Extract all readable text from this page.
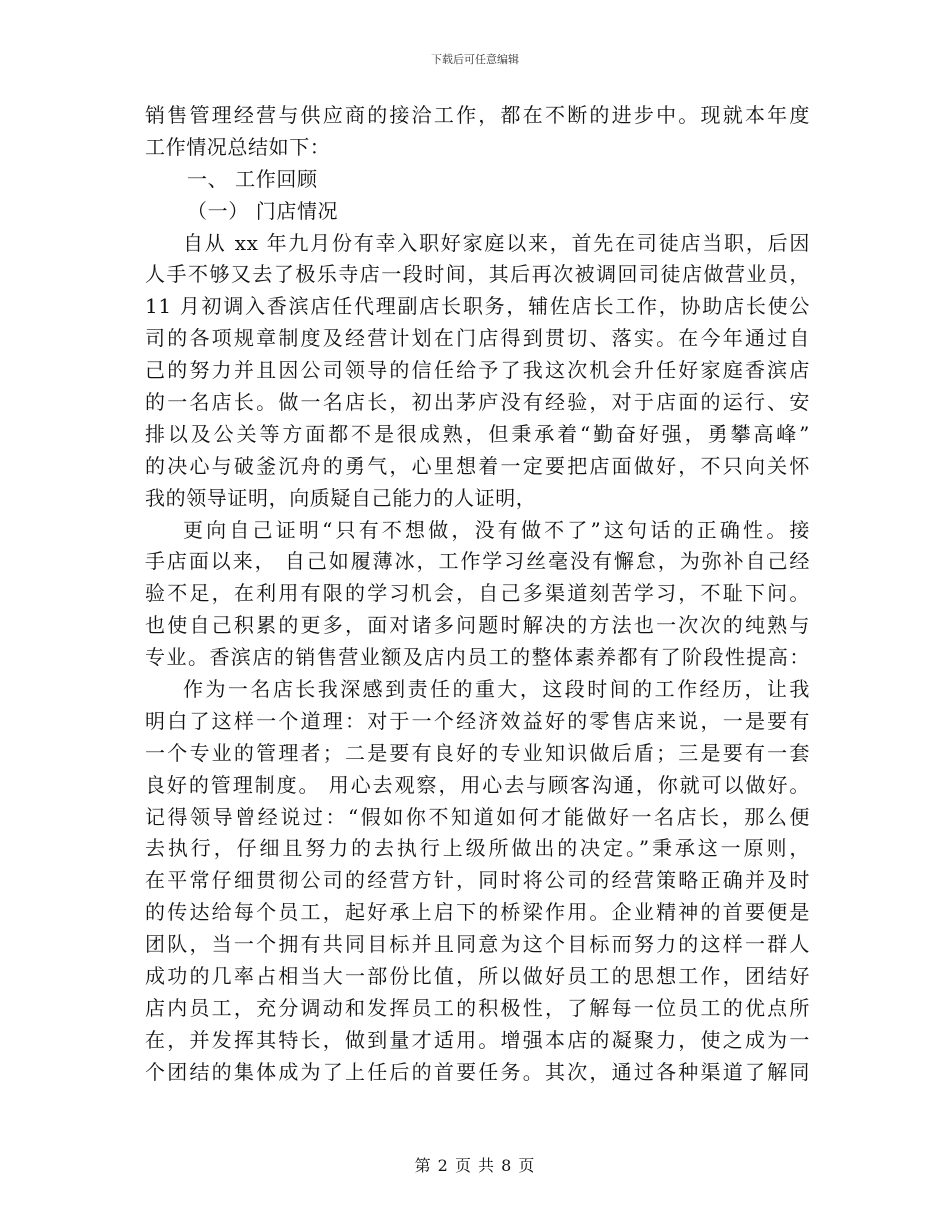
下载后可任意编辑
销售管理经营与供应商的接洽工作，都在不断的进步中。现就本年度
工作情况总结如下：
一、 工作回顾
（一） 门店情况
自从 xx 年九月份有幸入职好家庭以来，首先在司徒店当职，后因
人手不够又去了极乐寺店一段时间，其后再次被调回司徒店做营业员，
11 月初调入香滨店任代理副店长职务，辅佐店长工作，协助店长使公
司的各项规章制度及经营计划在门店得到贯切、落实。在今年通过自
己的努力并且因公司领导的信任给予了我这次机会升任好家庭香滨店
的一名店长。做一名店长，初出茅庐没有经验，对于店面的运行、安
排以及公关等方面都不是很成熟，但秉承着“勤奋好强，勇攀高峰”
的决心与破釜沉舟的勇气，心里想着一定要把店面做好，不只向关怀
我的领导证明，向质疑自己能力的人证明，
更向自己证明“只有不想做，没有做不了”这句话的正确性。接
手店面以来， 自己如履薄冰，工作学习丝毫没有懈怠，为弥补自己经
验不足，在利用有限的学习机会，自己多渠道刻苦学习，不耻下问。
也使自己积累的更多，面对诸多问题时解决的方法也一次次的纯熟与
专业。香滨店的销售营业额及店内员工的整体素养都有了阶段性提高：
作为一名店长我深感到责任的重大，这段时间的工作经历，让我
明白了这样一个道理：对于一个经济效益好的零售店来说，一是要有
一个专业的管理者；二是要有良好的专业知识做后盾；三是要有一套
良好的管理制度。 用心去观察，用心去与顾客沟通，你就可以做好。
记得领导曾经说过：“假如你不知道如何才能做好一名店长，那么便
去执行，仔细且努力的去执行上级所做出的决定。”秉承这一原则，
在平常仔细贯彻公司的经营方针，同时将公司的经营策略正确并及时
的传达给每个员工，起好承上启下的桥梁作用。企业精神的首要便是
团队，当一个拥有共同目标并且同意为这个目标而努力的这样一群人
成功的几率占相当大一部份比值，所以做好员工的思想工作，团结好
店内员工，充分调动和发挥员工的积极性，了解每一位员工的优点所
在，并发挥其特长，做到量才适用。增强本店的凝聚力，使之成为一
个团结的集体成为了上任后的首要任务。其次，通过各种渠道了解同
第 2 页 共 8 页
